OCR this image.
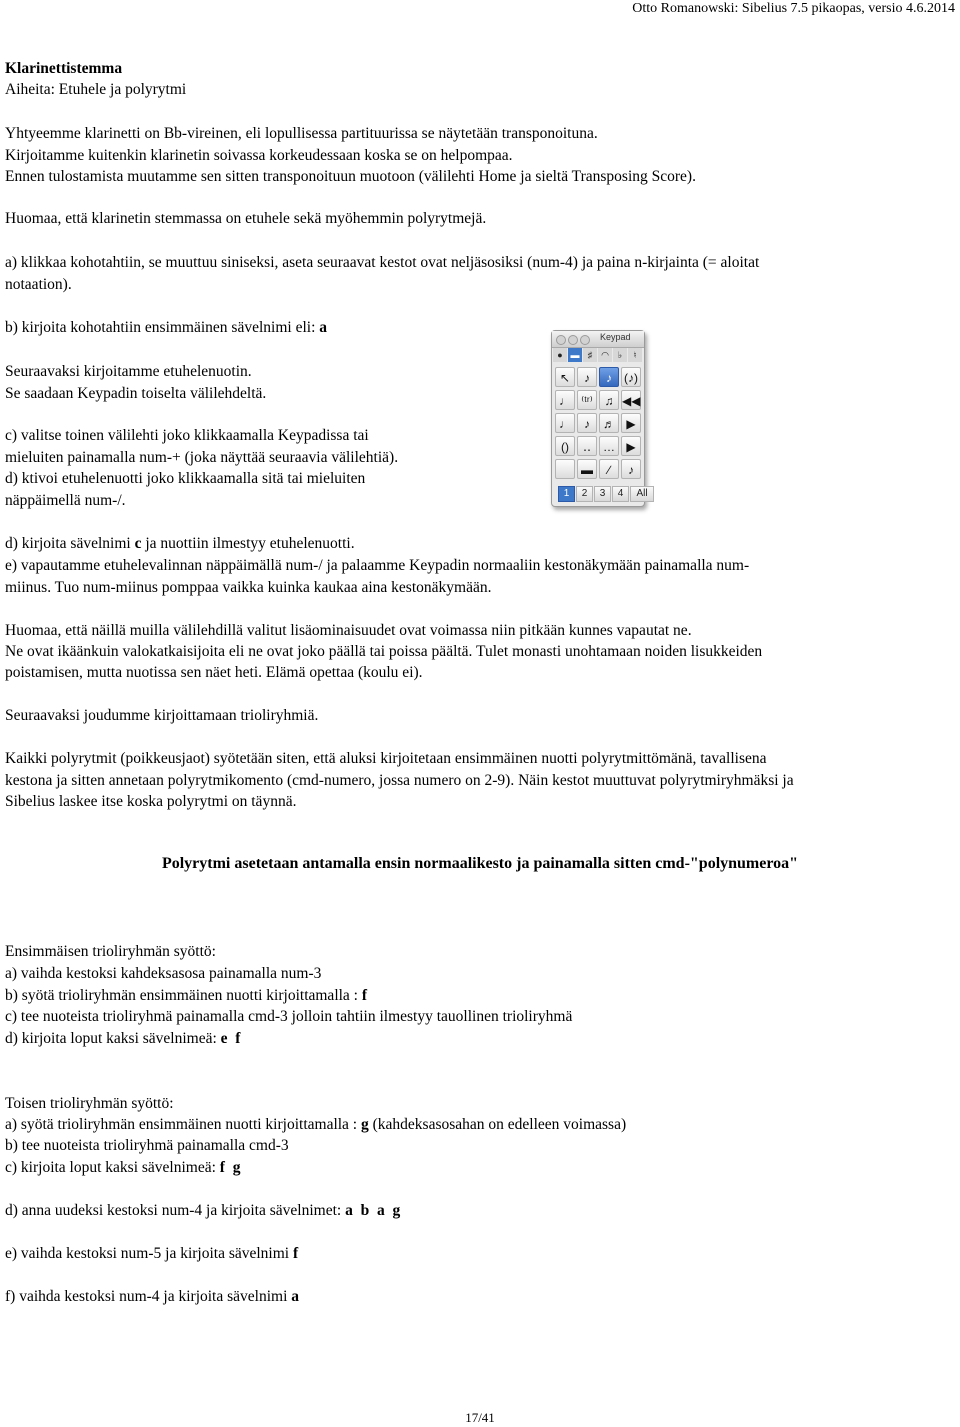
Otto Romanowski: Sibelius 7.5 pikaopas, versio 4.6.2014

Klarinettistemma

Aiheita: Etuhele ja polyrytmi

Yhtyeemme klarinetti on Bb-vireinen, eli lopullisessa partituurissa se näytetään transponoituna.

Kirjoitamme kuitenkin klarinetin soivassa korkeudessaan koska se on helpompaa.

Ennen tulostamista muutamme sen sitten transponoituun muotoon (välilehti Home ja sieltä Transposing Score).

Huomaa, että klarinetin stemmassa on etuhele sekä myöhemmin polyrytmejä.

a) klikkaa kohotahtiin, se muuttuu siniseksi, aseta seuraavat kestot ovat neljäsosiksi (num-4) ja paina n-kirjainta (= aloitat

notaation).

b) kirjoita kohotahtiin ensimmäinen sävelnimi eli: a

Seuraavaksi kirjoitamme etuhelenuotin.

Se saadaan Keypadin toiselta välilehdeltä.

c) valitse toinen välilehti joko klikkaamalla Keypadissa tai

mieluiten painamalla num-+ (joka näyttää seuraavia välilehtiä).

d) ktivoi etuhelenuotti joko klikkaamalla sitä tai mieluiten

näppäimellä num-/.

d) kirjoita sävelnimi c ja nuottiin ilmestyy etuhelenuotti.

e) vapautamme etuhelevalinnan näppäimällä num-/ ja palaamme Keypadin normaaliin kestonäkymään painamalla num-

miinus. Tuo num-miinus pomppaa vaikka kuinka kaukaa aina kestonäkymään.

Huomaa, että näillä muilla välilehdillä valitut lisäominaisuudet ovat voimassa niin pitkään kunnes vapautat ne.

Ne ovat ikäänkuin valokatkaisijoita eli ne ovat joko päällä tai poissa päältä. Tulet monasti unohtamaan noiden lisukkeiden

poistamisen, mutta nuotissa sen näet heti. Elämä opettaa (koulu ei).

Seuraavaksi joudumme kirjoittamaan trioliryhmiä.

Kaikki polyrytmit (poikkeusjaot) syötetään siten, että aluksi kirjoitetaan ensimmäinen nuotti polyrytmittömänä, tavallisena

kestona ja sitten annetaan polyrytmikomento (cmd-numero, jossa numero on 2-9). Näin kestot muuttuvat polyrytmiryhmäksi ja

Sibelius laskee itse koska polyrytmi on täynnä.

Polyrytmi asetetaan antamalla ensin normaalikesto ja painamalla sitten cmd-"polynumeroa"

Ensimmäisen trioliryhmän syöttö:

a) vaihda kestoksi kahdeksasosa painamalla num-3

b) syötä trioliryhmän ensimmäinen nuotti kirjoittamalla : f

c) tee nuoteista trioliryhmä painamalla cmd-3 jolloin tahtiin ilmestyy tauollinen trioliryhmä

d) kirjoita loput kaksi sävelnimeä: e  f

Toisen trioliryhmän syöttö:

a) syötä trioliryhmän ensimmäinen nuotti kirjoittamalla : g (kahdeksasosahan on edelleen voimassa)

b) tee nuoteista trioliryhmä painamalla cmd-3

c) kirjoita loput kaksi sävelnimeä: f  g

d) anna uudeksi kestoksi num-4 ja kirjoita sävelnimet: a  b  a  g

e) vaihda kestoksi num-5 ja kirjoita sävelnimi f

f) vaihda kestoksi num-4 ja kirjoita sävelnimi a

Keypad
● ▬ ♯ ◠ ♭	♮
↖	♪	♪	(♪)
♩ ⁽ᵗʳ⁾ ♫ ◀◀
♩	♪	♬ ▶
()	‥	… ▶
▬	∕	♪
1	2	3	4	All
17/41
